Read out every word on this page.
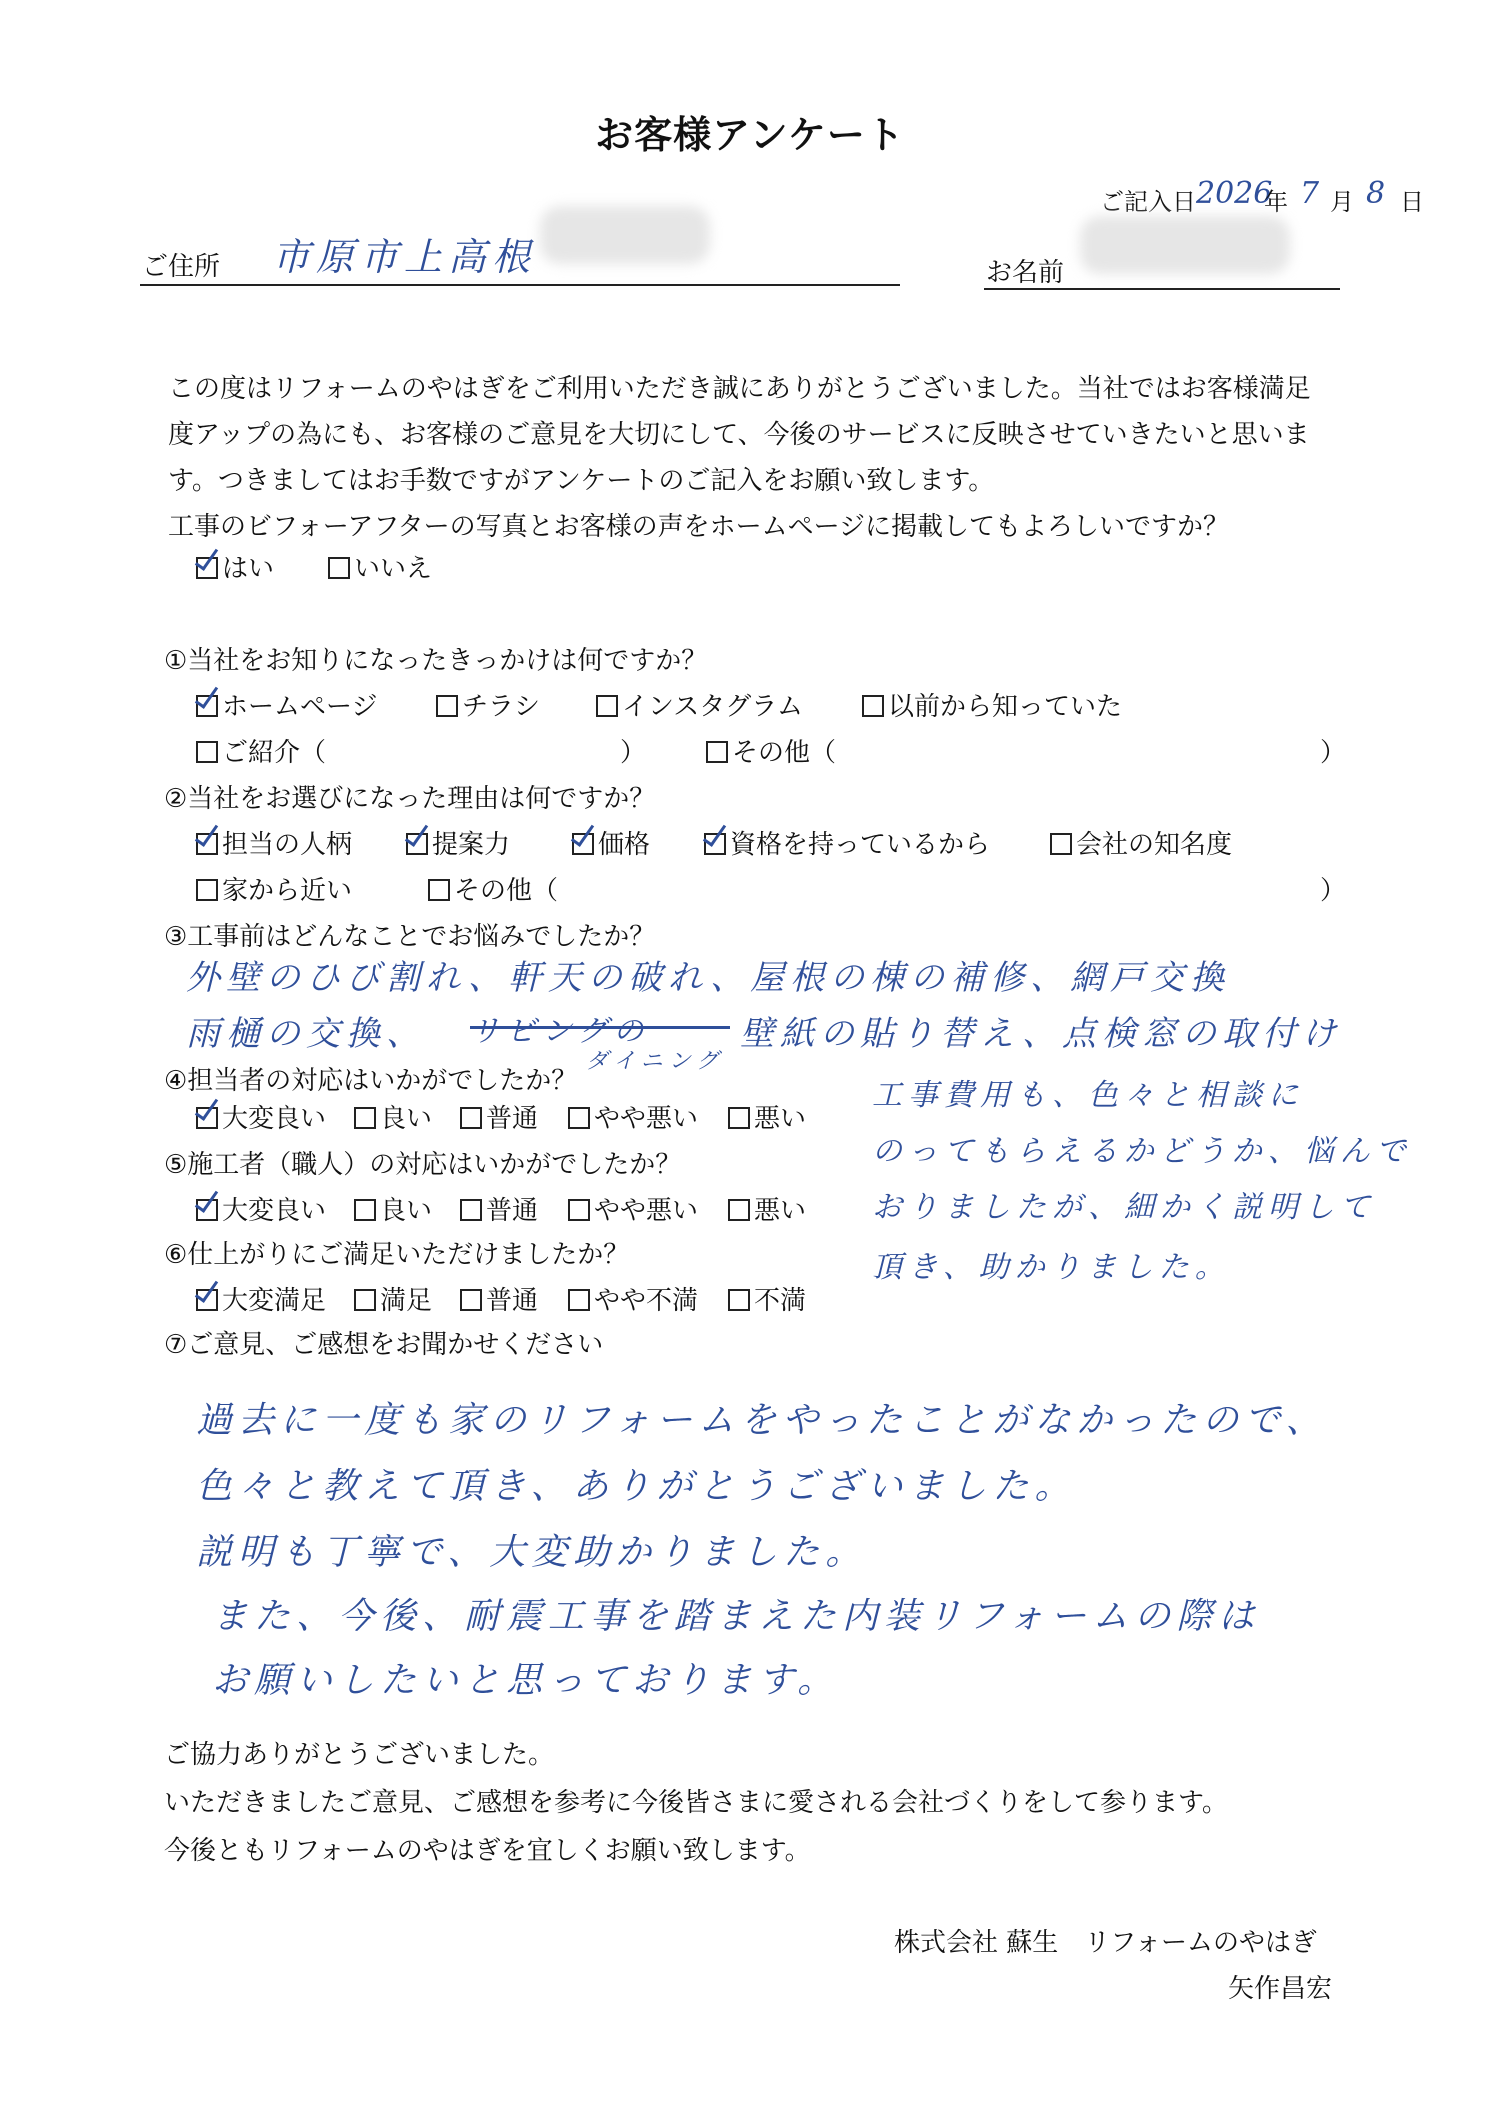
お客様アンケート
ご記入日 2026
年 7 月 8 日
ご住所 市原市上高根	お名前
この度はリフォームのやはぎをご利用いただき誠にありがとうございました。当社ではお客様満足
度アップの為にも、お客様のご意見を大切にして、今後のサービスに反映させていきたいと思いま
す。つきましてはお手数ですがアンケートのご記入をお願い致します。
工事のビフォーアフターの写真とお客様の声をホームページに掲載してもよろしいですか？
はい	いいえ
①当社をお知りになったきっかけは何ですか？
ホームページ	チラシ	インスタグラム	以前から知っていた
ご紹介（	）	その他（	）
②当社をお選びになった理由は何ですか？
担当の人柄	提案力	価格	資格を持っているから	会社の知名度
家から近い	その他（	）
③工事前はどんなことでお悩みでしたか？
外壁のひび割れ、軒天の破れ、屋根の棟の補修、網戸交換
雨樋の交換、 リビングの	壁紙の貼り替え、点検窓の取付け
ダイニング
④担当者の対応はいかがでしたか？
大変良い	良い	普通	やや悪い	悪い
⑤施工者（職人）の対応はいかがでしたか？
大変良い	良い	普通	やや悪い	悪い
⑥仕上がりにご満足いただけましたか？
大変満足	満足	普通	やや不満	不満
工事費用も、色々と相談に
のってもらえるかどうか、悩んで
おりましたが、細かく説明して
頂き、助かりました。
⑦ご意見、ご感想をお聞かせください
過去に一度も家のリフォームをやったことがなかったので、
色々と教えて頂き、ありがとうございました。
説明も丁寧で、大変助かりました。
また、今後、耐震工事を踏まえた内装リフォームの際は
お願いしたいと思っております。
ご協力ありがとうございました。
いただきましたご意見、ご感想を参考に今後皆さまに愛される会社づくりをして参ります。
今後ともリフォームのやはぎを宜しくお願い致します。
株式会社 蘇生　リフォームのやはぎ
矢作昌宏
